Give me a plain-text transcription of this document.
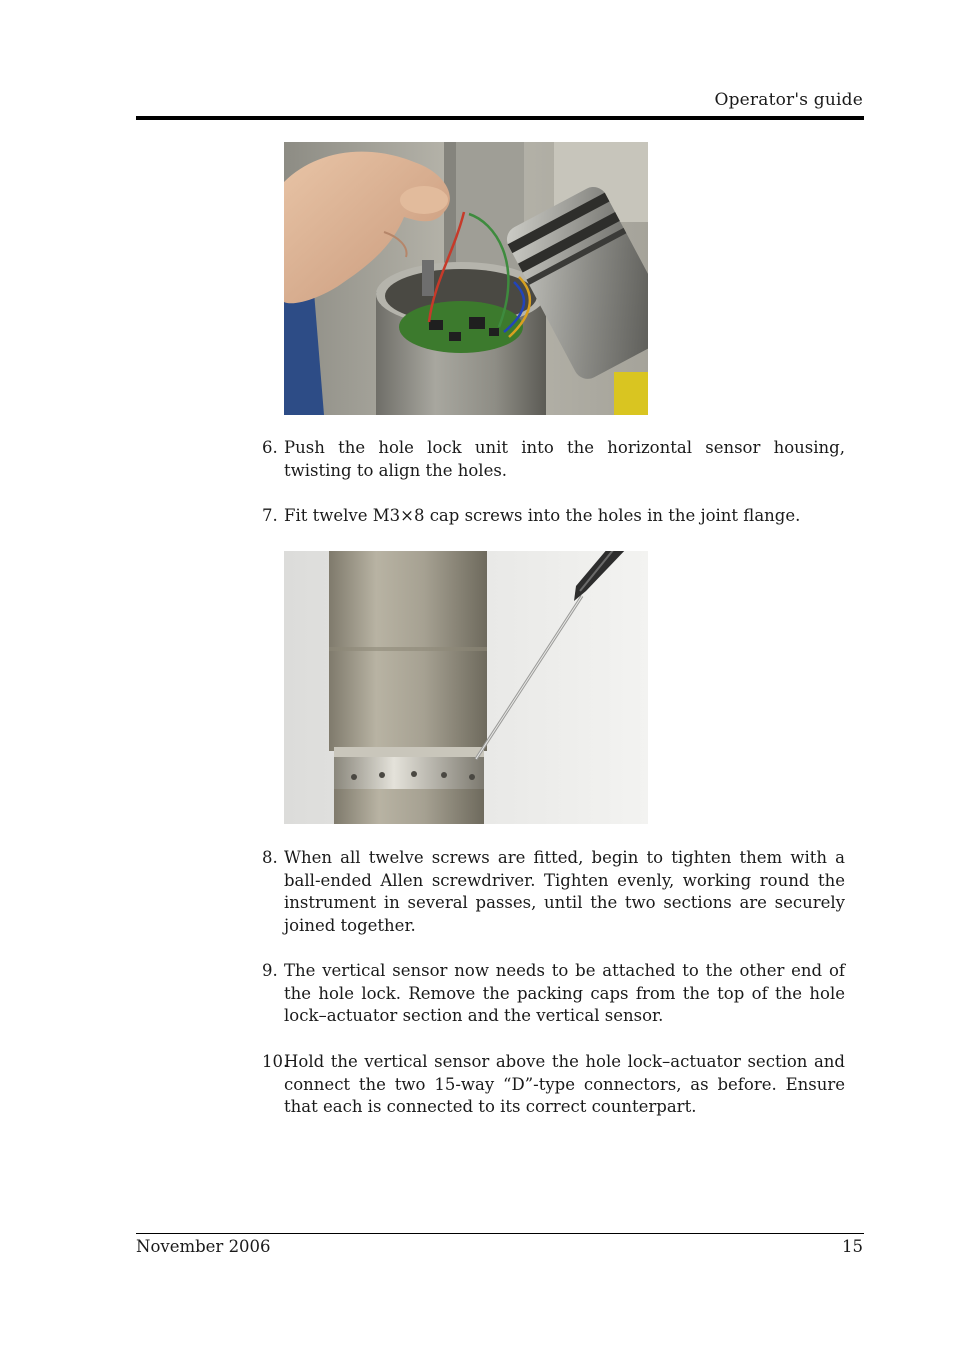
Operator's guide
6. Push the hole lock unit into the horizontal sensor housing, twisting to align the holes.
7. Fit twelve M3×8 cap screws into the holes in the joint flange.
8. When all twelve screws are fitted, begin to tighten them with a ball-ended Allen screwdriver. Tighten evenly, working round the instrument in several passes, until the two sections are securely joined together.
9. The vertical sensor now needs to be attached to the other end of the hole lock. Remove the packing caps from the top of the hole lock–actuator section and the vertical sensor.
10.
Hold the vertical sensor above the hole lock–actuator section and connect the two 15-way “D”-type connectors, as before. Ensure that each is connected to its correct counterpart.
November 2006	15
